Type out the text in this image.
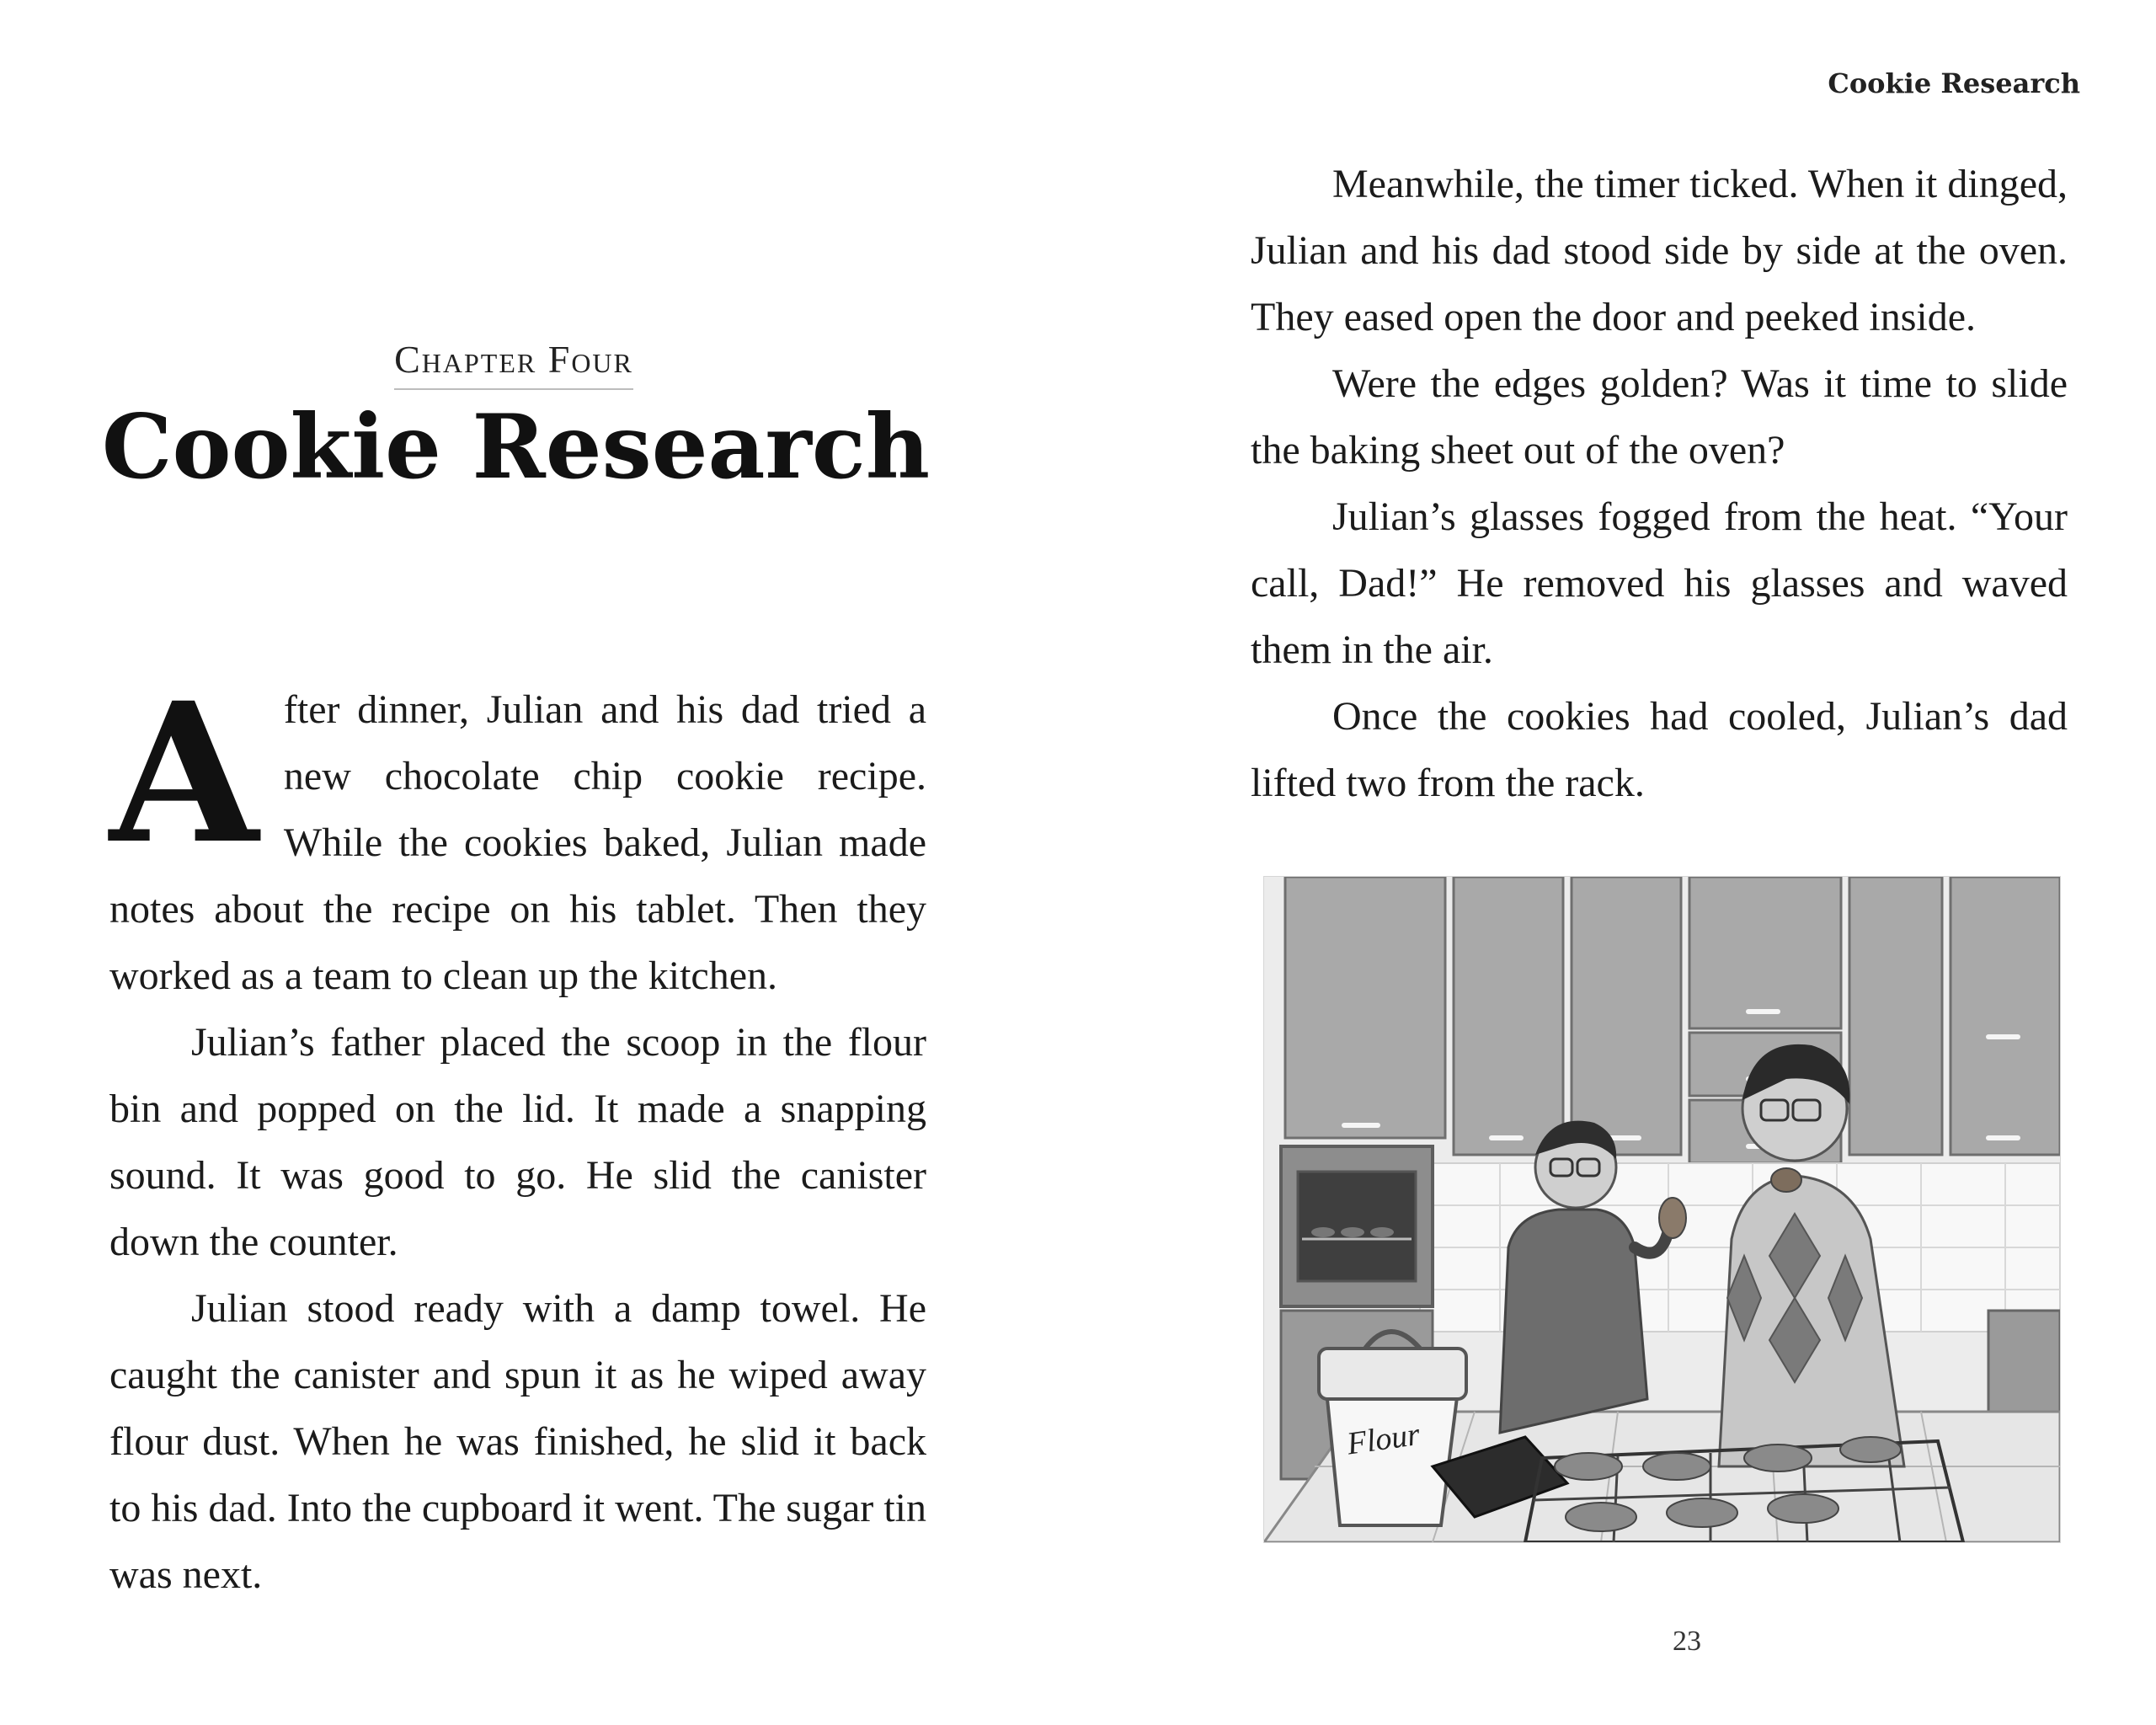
Chapter Four
Cookie Research

After dinner, Julian and his dad tried a new chocolate chip cookie recipe. While the cookies baked, Julian made notes about the recipe on his tablet. Then they worked as a team to clean up the kitchen.

Julian’s father placed the scoop in the flour bin and popped on the lid. It made a snapping sound. It was good to go. He slid the canister down the counter.

Julian stood ready with a damp towel. He caught the canister and spun it as he wiped away flour dust. When he was finished, he slid it back to his dad. Into the cupboard it went. The sugar tin was next.

Cookie Research

Meanwhile, the timer ticked. When it dinged, Julian and his dad stood side by side at the oven. They eased open the door and peeked inside.

Were the edges golden? Was it time to slide the baking sheet out of the oven?

Julian’s glasses fogged from the heat. “Your call, Dad!” He removed his glasses and waved them in the air.

Once the cookies had cooled, Julian’s dad lifted two from the rack.

Flour
23
